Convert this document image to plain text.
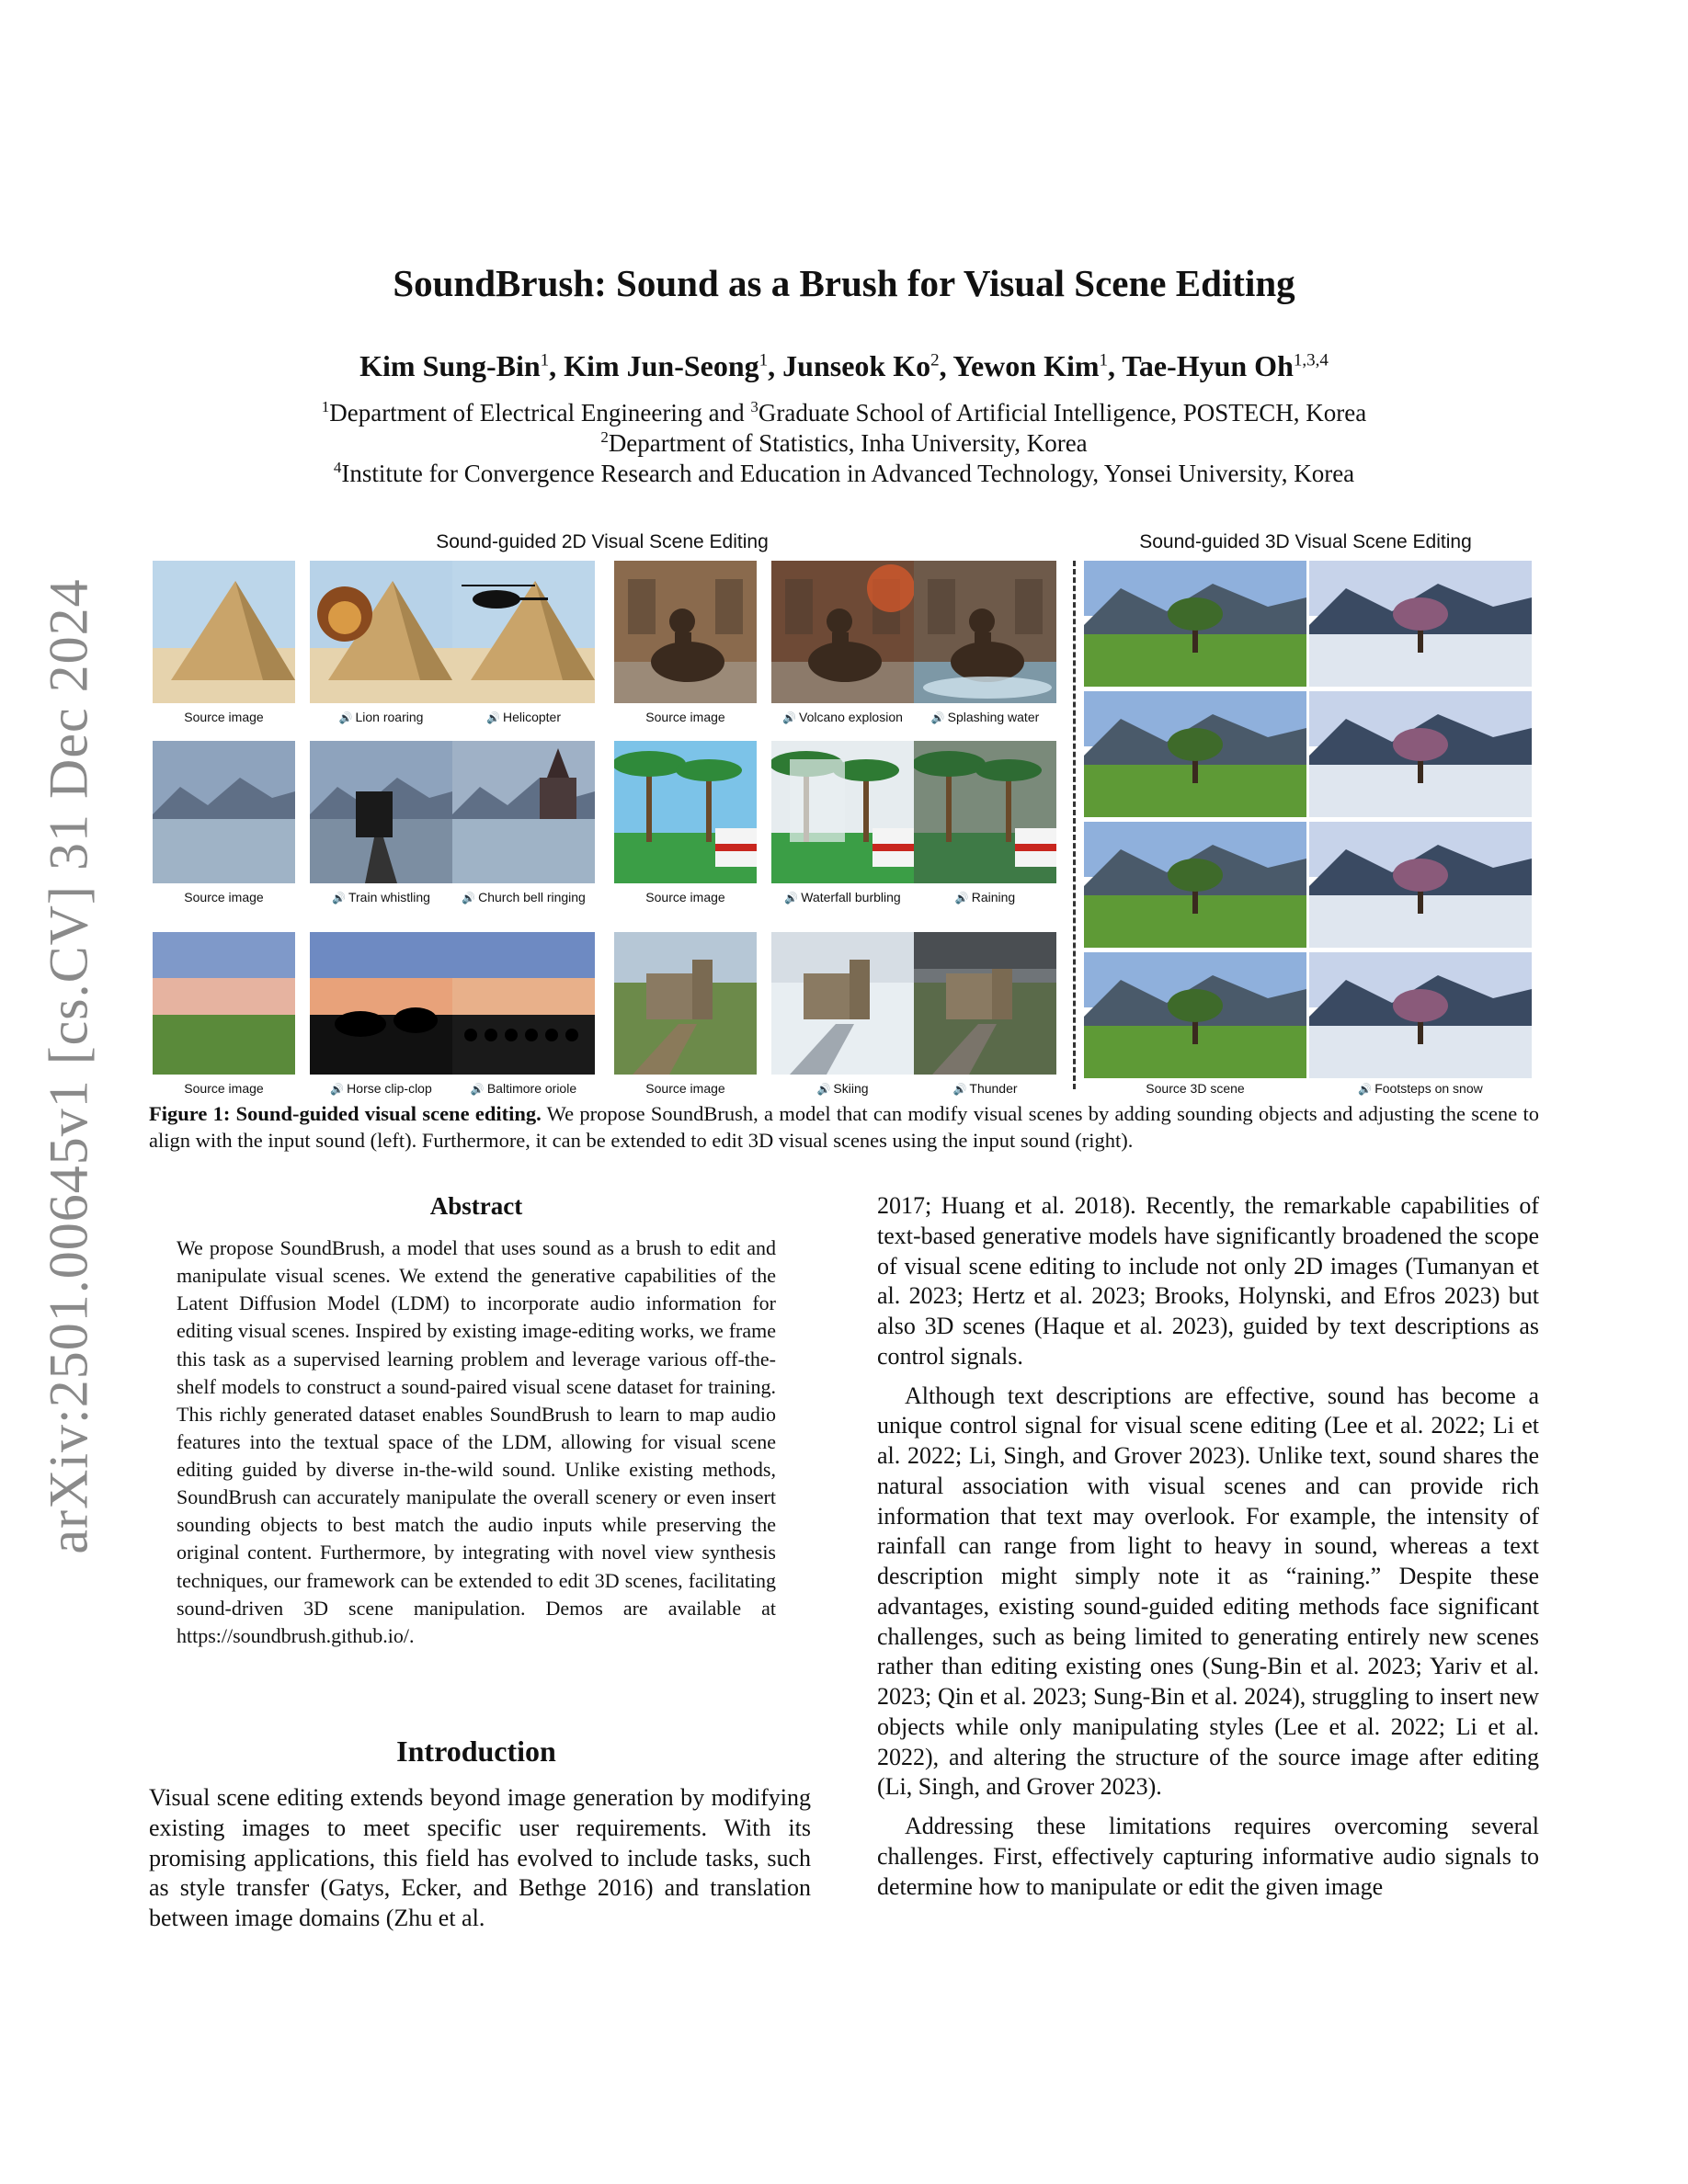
arXiv:2501.00645v1 [cs.CV] 31 Dec 2024
SoundBrush: Sound as a Brush for Visual Scene Editing
Kim Sung-Bin$^1$, Kim Jun-Seong$^1$, Junseok Ko$^2$, Yewon Kim$^1$, Tae-Hyun Oh$^{1,3,4}$
$^1$Department of Electrical Engineering and $^3$Graduate School of Artificial Intelligence, POSTECH, Korea
$^2$Department of Statistics, Inha University, Korea
$^4$Institute for Convergence Research and Education in Advanced Technology, Yonsei University, Korea
Sound-guided 2D Visual Scene Editing	Sound-guided 3D Visual Scene Editing
Source image	🔊 Lion roaring	🔊 Helicopter	Source image	🔊 Volcano explosion	🔊 Splashing water
Source image	🔊 Train whistling	🔊 Church bell ringing	Source image	🔊 Waterfall burbling	🔊 Raining
Source image	🔊 Horse clip-clop	🔊 Baltimore oriole	Source image	🔊 Skiing	🔊 Thunder	Source 3D scene	🔊 Footsteps on snow
Figure 1: Sound-guided visual scene editing. We propose SoundBrush, a model that can modify visual scenes by adding sounding objects and adjusting the scene to align with the input sound (left). Furthermore, it can be extended to edit 3D visual scenes using the input sound (right).
Abstract
We propose SoundBrush, a model that uses sound as a brush to edit and manipulate visual scenes. We extend the generative capabilities of the Latent Diffusion Model (LDM) to incorporate audio information for editing visual scenes. Inspired by existing image-editing works, we frame this task as a supervised learning problem and leverage various off-the-shelf models to construct a sound-paired visual scene dataset for training. This richly generated dataset enables SoundBrush to learn to map audio features into the textual space of the LDM, allowing for visual scene editing guided by diverse in-the-wild sound. Unlike existing methods, SoundBrush can accurately manipulate the overall scenery or even insert sounding objects to best match the audio inputs while preserving the original content. Furthermore, by integrating with novel view synthesis techniques, our framework can be extended to edit 3D scenes, facilitating sound-driven 3D scene manipulation. Demos are available at https://soundbrush.github.io/.
Introduction

Visual scene editing extends beyond image generation by modifying existing images to meet specific user requirements. With its promising applications, this field has evolved to include tasks, such as style transfer (Gatys, Ecker, and Bethge 2016) and translation between image domains (Zhu et al.

2017; Huang et al. 2018). Recently, the remarkable capabilities of text-based generative models have significantly broadened the scope of visual scene editing to include not only 2D images (Tumanyan et al. 2023; Hertz et al. 2023; Brooks, Holynski, and Efros 2023) but also 3D scenes (Haque et al. 2023), guided by text descriptions as control signals.

Although text descriptions are effective, sound has become a unique control signal for visual scene editing (Lee et al. 2022; Li et al. 2022; Li, Singh, and Grover 2023). Unlike text, sound shares the natural association with visual scenes and can provide rich information that text may overlook. For example, the intensity of rainfall can range from light to heavy in sound, whereas a text description might simply note it as “raining.” Despite these advantages, existing sound-guided editing methods face significant challenges, such as being limited to generating entirely new scenes rather than editing existing ones (Sung-Bin et al. 2023; Yariv et al. 2023; Qin et al. 2023; Sung-Bin et al. 2024), struggling to insert new objects while only manipulating styles (Lee et al. 2022; Li et al. 2022), and altering the structure of the source image after editing (Li, Singh, and Grover 2023).

Addressing these limitations requires overcoming several challenges. First, effectively capturing informative audio signals to determine how to manipulate or edit the given image
